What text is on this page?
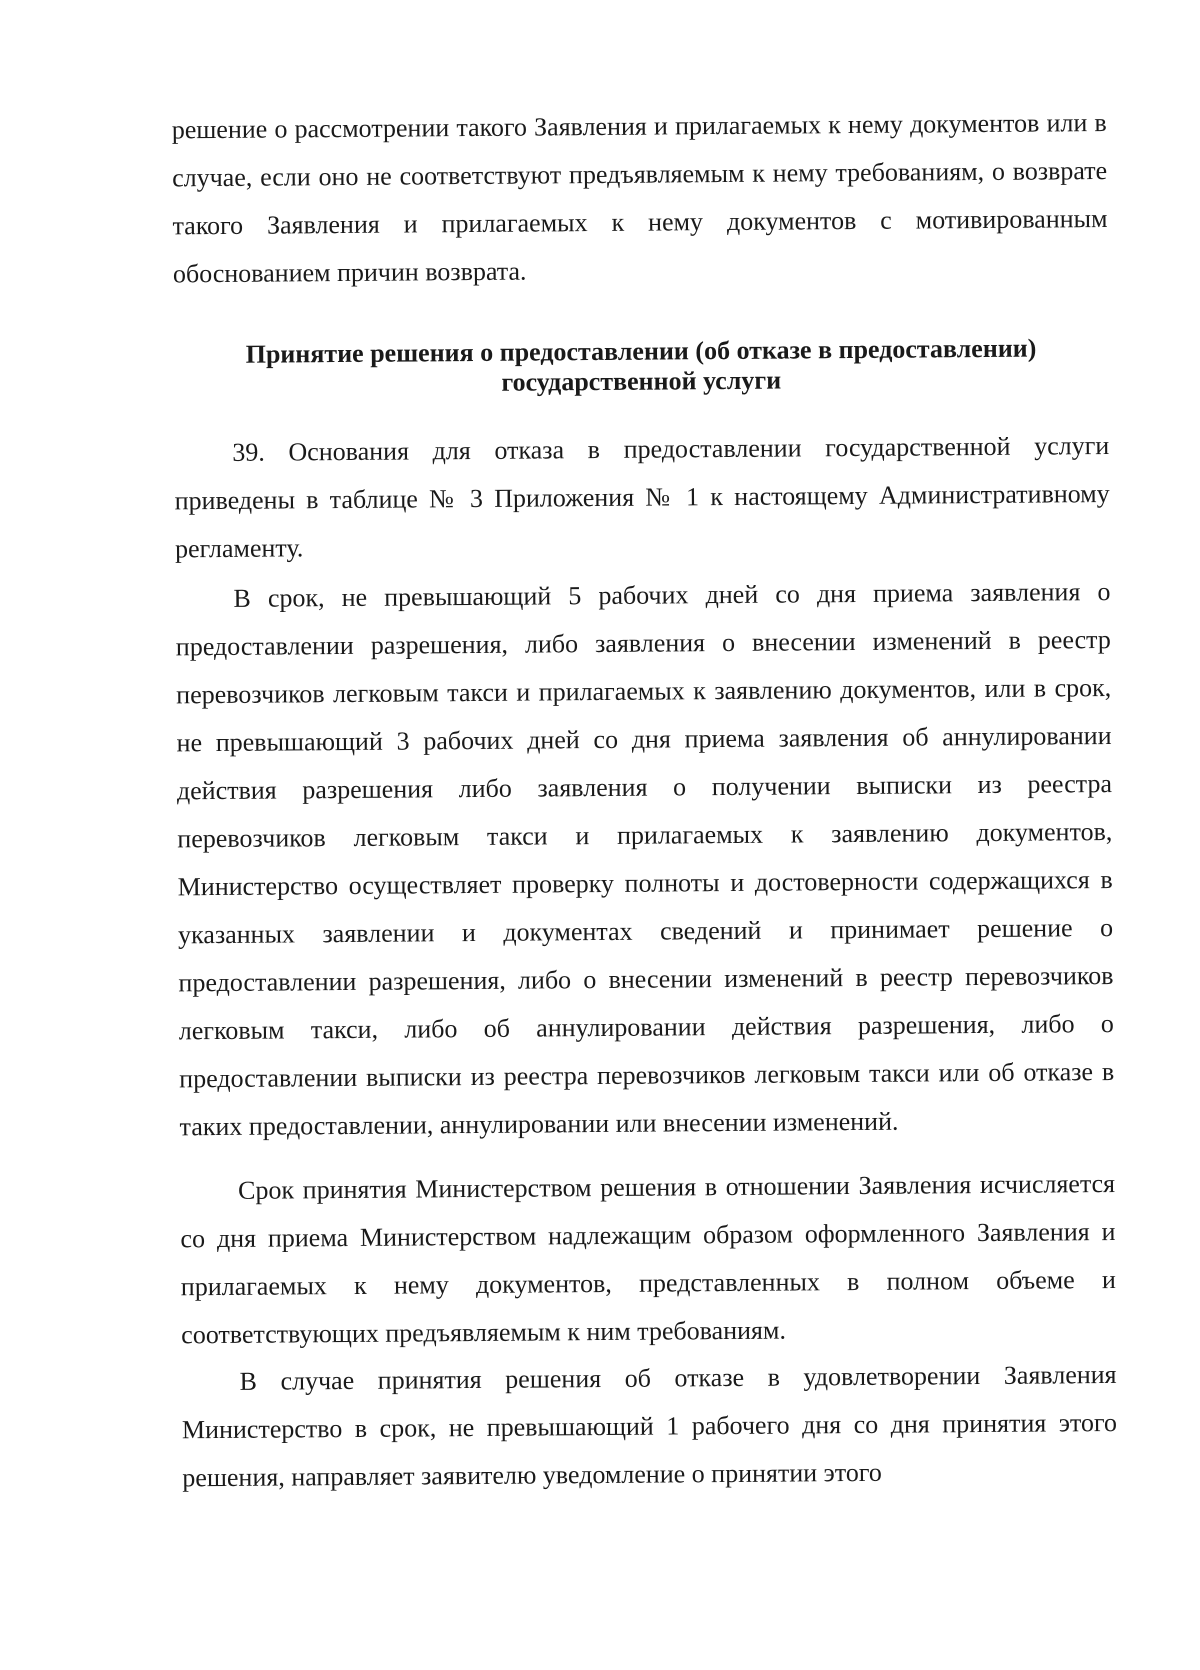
решение о рассмотрении такого Заявления и прилагаемых к нему документов или в случае, если оно не соответствуют предъявляемым к нему требованиям, о возврате такого Заявления и прилагаемых к нему документов с мотивированным обоснованием причин возврата.

Принятие решения о предоставлении (об отказе в предоставлении)
государственной услуги

39. Основания для отказа в предоставлении государственной услуги приведены в таблице № 3 Приложения № 1 к настоящему Административному регламенту.

В срок, не превышающий 5 рабочих дней со дня приема заявления о предоставлении разрешения, либо заявления о внесении изменений в реестр перевозчиков легковым такси и прилагаемых к заявлению документов, или в срок, не превышающий 3 рабочих дней со дня приема заявления об аннулировании действия разрешения либо заявления о получении выписки из реестра перевозчиков легковым такси и прилагаемых к заявлению документов, Министерство осуществляет проверку полноты и достоверности содержащихся в указанных заявлении и документах сведений и принимает решение о предоставлении разрешения, либо о внесении изменений в реестр перевозчиков легковым такси, либо об аннулировании действия разрешения, либо о предоставлении выписки из реестра перевозчиков легковым такси или об отказе в таких предоставлении, аннулировании или внесении изменений.

Срок принятия Министерством решения в отношении Заявления исчисляется со дня приема Министерством надлежащим образом оформленного Заявления и прилагаемых к нему документов, представленных в полном объеме и соответствующих предъявляемым к ним требованиям.

В случае принятия решения об отказе в удовлетворении Заявления Министерство в срок, не превышающий 1 рабочего дня со дня принятия этого решения, направляет заявителю уведомление о принятии этого
